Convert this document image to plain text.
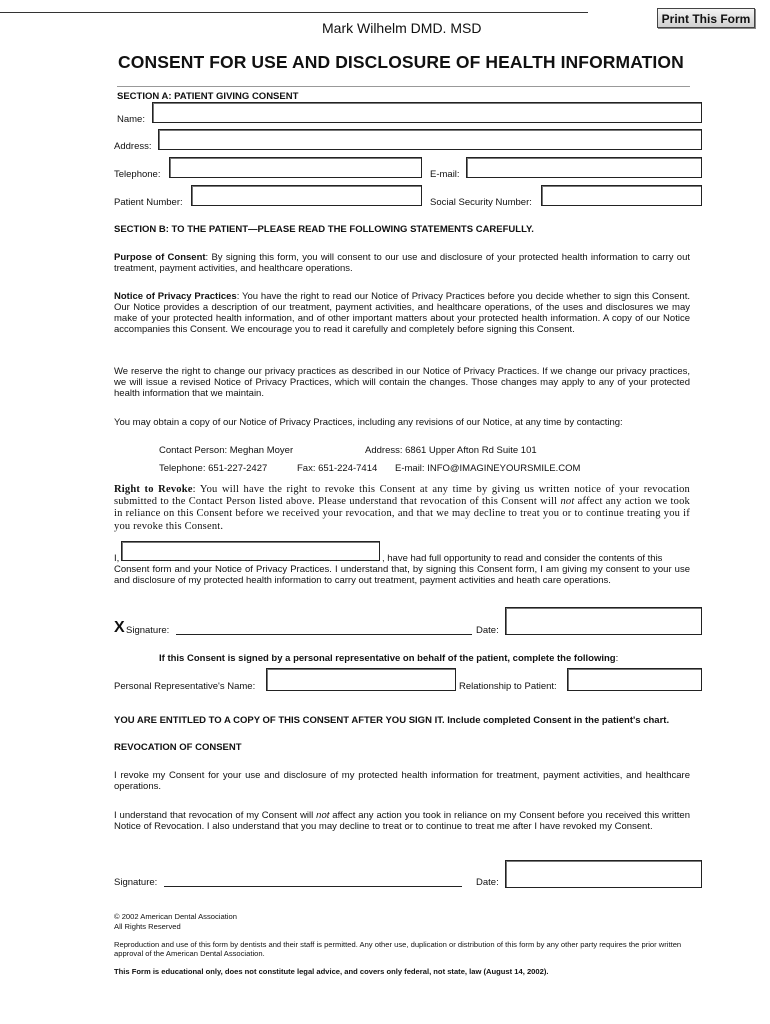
Print This Form
Mark Wilhelm DMD. MSD
CONSENT FOR USE AND DISCLOSURE OF HEALTH INFORMATION
SECTION A: PATIENT GIVING CONSENT
Name:
Address:
Telephone:	E-mail:
Patient Number:	Social Security Number:
SECTION B: TO THE PATIENT—PLEASE READ THE FOLLOWING STATEMENTS CAREFULLY.
Purpose of Consent: By signing this form, you will consent to our use and disclosure of your protected health information to carry out treatment, payment activities, and healthcare operations.
Notice of Privacy Practices: You have the right to read our Notice of Privacy Practices before you decide whether to sign this Consent. Our Notice provides a description of our treatment, payment activities, and healthcare operations, of the uses and disclosures we may make of your protected health information, and of other important matters about your protected health information. A copy of our Notice accompanies this Consent. We encourage you to read it carefully and completely before signing this Consent.
We reserve the right to change our privacy practices as described in our Notice of Privacy Practices. If we change our privacy practices, we will issue a revised Notice of Privacy Practices, which will contain the changes. Those changes may apply to any of your protected health information that we maintain.
You may obtain a copy of our Notice of Privacy Practices, including any revisions of our Notice, at any time by contacting:
Contact Person: Meghan Moyer	Address: 6861 Upper Afton Rd Suite 101
Telephone: 651-227-2427	Fax: 651-224-7414 E-mail: INFO@IMAGINEYOURSMILE.COM
Right to Revoke: You will have the right to revoke this Consent at any time by giving us written notice of your revocation submitted to the Contact Person listed above. Please understand that revocation of this Consent will not affect any action we took in reliance on this Consent before we received your revocation, and that we may decline to treat you or to continue treating you if you revoke this Consent.
I,	, have had full opportunity to read and consider the contents of this
Consent form and your Notice of Privacy Practices. I understand that, by signing this Consent form, I am giving my consent to your use and disclosure of my protected health information to carry out treatment, payment activities and heath care operations.
X Signature:	Date:
If this Consent is signed by a personal representative on behalf of the patient, complete the following:
Personal Representative's Name:	Relationship to Patient:
YOU ARE ENTITLED TO A COPY OF THIS CONSENT AFTER YOU SIGN IT. Include completed Consent in the patient's chart.
REVOCATION OF CONSENT
I revoke my Consent for your use and disclosure of my protected health information for treatment, payment activities, and healthcare operations.
I understand that revocation of my Consent will not affect any action you took in reliance on my Consent before you received this written Notice of Revocation. I also understand that you may decline to treat or to continue to treat me after I have revoked my Consent.
Signature:	Date:
© 2002 American Dental Association
All Rights Reserved
Reproduction and use of this form by dentists and their staff is permitted. Any other use, duplication or distribution of this form by any other party requires the prior written approval of the American Dental Association.
This Form is educational only, does not constitute legal advice, and covers only federal, not state, law (August 14, 2002).
